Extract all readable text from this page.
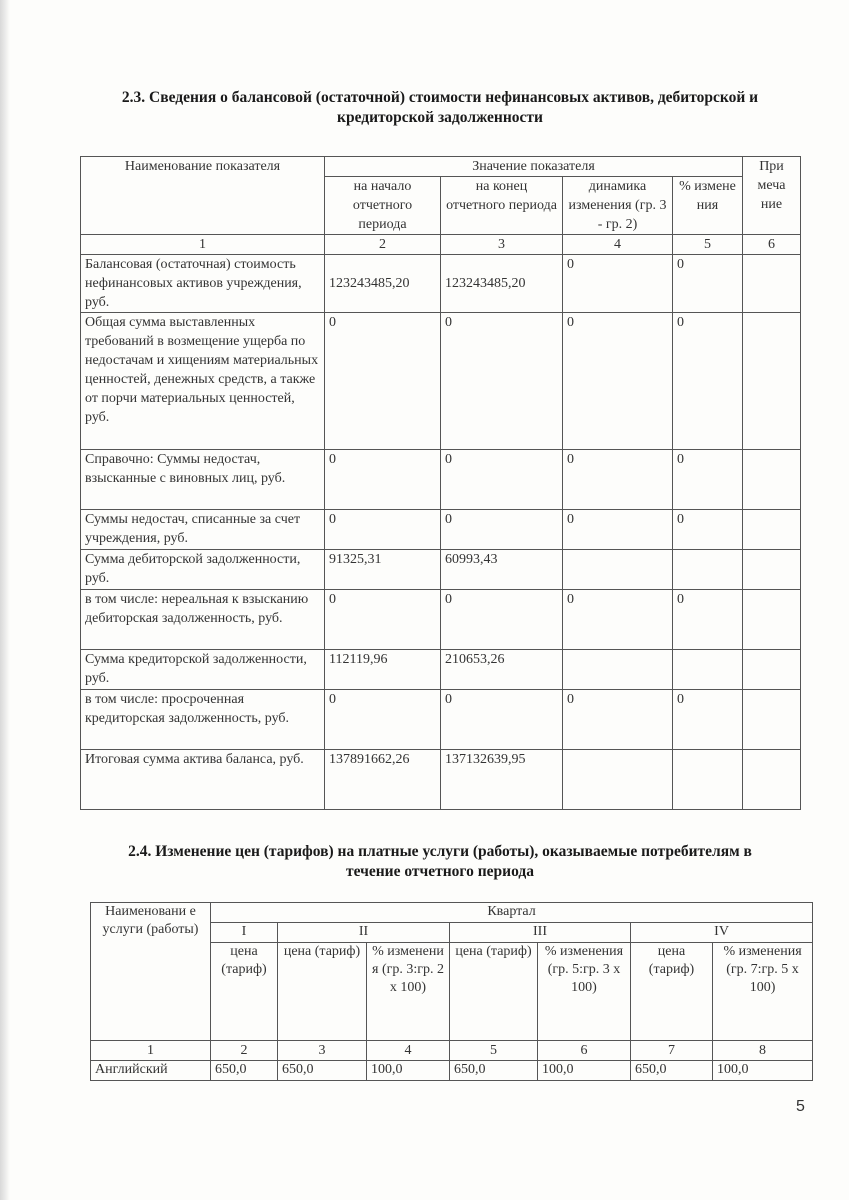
2.3. Сведения о балансовой (остаточной) стоимости нефинансовых активов, дебиторской и
кредиторской задолженности
Наименование показателя	Значение показателя				При меча ние
	на начало отчетного периода	на конец отчетного периода	динамика изменения (гр. 3 - гр. 2)	% измене ния	
1	2	3	4	5	6
Балансовая (остаточная) стоимость нефинансовых активов учреждения, руб.	123243485,20	123243485,20	0	0	
Общая сумма выставленных требований в возмещение ущерба по недостачам и хищениям материальных ценностей, денежных средств, а также от порчи материальных ценностей, руб.	0	0	0	0	
Справочно: Суммы недостач, взысканные с виновных лиц, руб.	0	0	0	0	
Суммы недостач, списанные за счет учреждения, руб.	0	0	0	0	
Сумма дебиторской задолженности, руб.	91325,31	60993,43			
в том числе: нереальная к взысканию дебиторская задолженность, руб.	0	0	0	0	
Сумма кредиторской задолженности, руб.	112119,96	210653,26			
в том числе: просроченная кредиторская задолженность, руб.	0	0	0	0	
Итоговая сумма актива баланса, руб.	137891662,26	137132639,95			
2.4. Изменение цен (тарифов) на платные услуги (работы), оказываемые потребителям в
течение отчетного периода
Наименовани е услуги (работы)	Квартал						
	I	II		III		IV	
	цена (тариф)	цена (тариф)	% изменени я (гр. 3:гр. 2 х 100)	цена (тариф)	% изменения (гр. 5:гр. 3 х 100)	цена (тариф)	% изменения (гр. 7:гр. 5 х 100)
1	2	3	4	5	6	7	8
Английский	650,0	650,0	100,0	650,0	100,0	650,0	100,0
5
